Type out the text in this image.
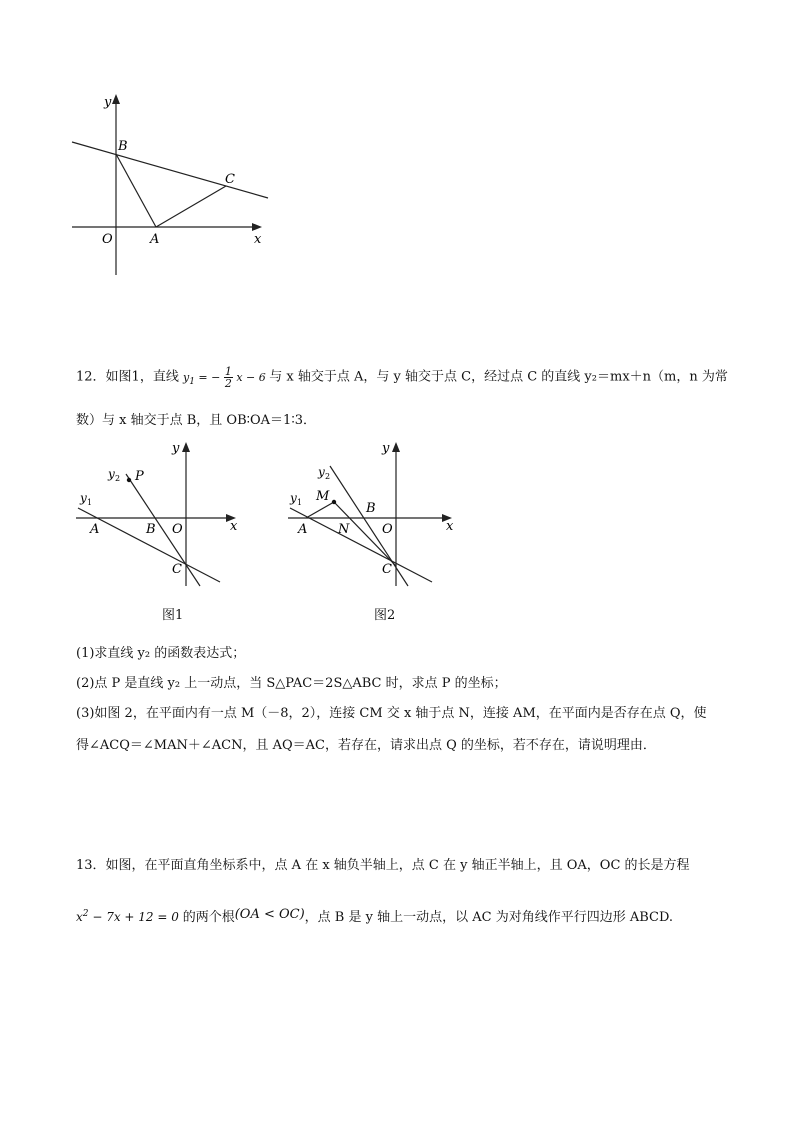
y
x
B
C
O	A
12．如图1，直线 $y_1$ = − $\frac{1}{2}$ x − 6 与 x 轴交于点 A，与 y 轴交于点 C，经过点 C 的直线 y₂＝mx＋n（m，n 为常
数）与 x 轴交于点 B，且 OB∶OA＝1∶3．
y
x
y 2 P
y 1
A	B O
C
图1
y
x
y 2
M
y 1	B
A N	O
C
图2
(1)求直线 y₂ 的函数表达式；
(2)点 P 是直线 y₂ 上一动点，当 S△PAC＝2S△ABC 时，求点 P 的坐标；
(3)如图 2，在平面内有一点 M（－8，2），连接 CM 交 x 轴于点 N，连接 AM，在平面内是否存在点 Q，使
得∠ACQ＝∠MAN＋∠ACN，且 AQ＝AC，若存在，请求出点 Q 的坐标，若不存在，请说明理由．
13．如图，在平面直角坐标系中，点 A 在 x 轴负半轴上，点 C 在 y 轴正半轴上，且 OA，OC 的长是方程
$x^2 - 7x + 12 = 0$ 的两个根(OA < OC)，点 B 是 y 轴上一动点，以 AC 为对角线作平行四边形 ABCD.
